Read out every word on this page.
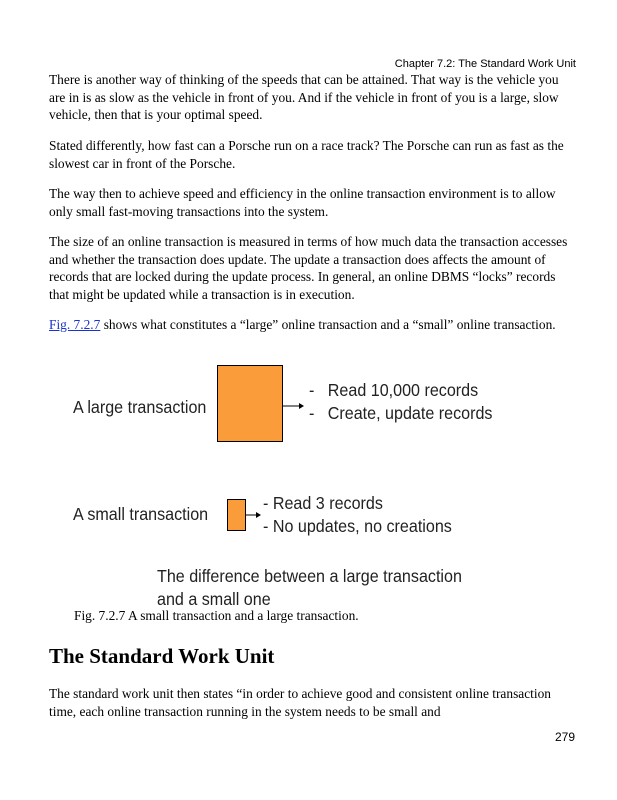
Chapter 7.2: The Standard Work Unit

There is another way of thinking of the speeds that can be attained. That way is the vehicle you are in is as slow as the vehicle in front of you. And if the vehicle in front of you is a large, slow vehicle, then that is your optimal speed.

Stated differently, how fast can a Porsche run on a race track? The Porsche can run as fast as the slowest car in front of the Porsche.

The way then to achieve speed and efficiency in the online transaction environment is to allow only small fast-moving transactions into the system.

The size of an online transaction is measured in terms of how much data the transaction accesses and whether the transaction does update. The update a transaction does affects the amount of records that are locked during the update process. In general, an online DBMS “locks” records that might be updated while a transaction is in execution.

Fig. 7.2.7 shows what constitutes a “large” online transaction and a “small” online transaction.

A large transaction
-   Read 10,000 records
-   Create, update records
A small transaction
- Read 3 records
- No updates, no creations
The difference between a large transaction
and a small one
Fig. 7.2.7 A small transaction and a large transaction.
The Standard Work Unit

The standard work unit then states “in order to achieve good and consistent online transaction time, each online transaction running in the system needs to be small and

279
